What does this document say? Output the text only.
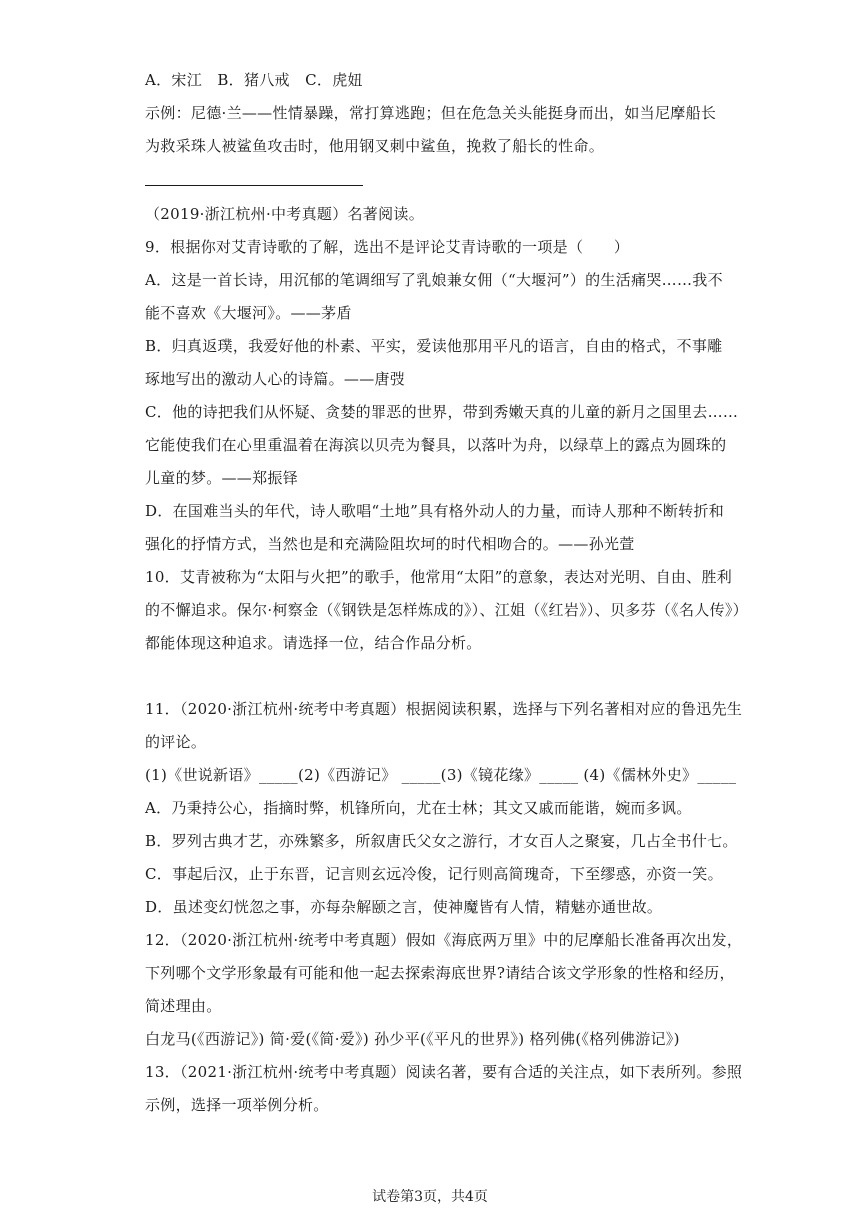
A．宋江　B．猪八戒　C．虎妞
示例：尼德·兰——性情暴躁，常打算逃跑；但在危急关头能挺身而出，如当尼摩船长
为救采珠人被鲨鱼攻击时，他用钢叉刺中鲨鱼，挽救了船长的性命。
（2019·浙江杭州·中考真题）名著阅读。
9．根据你对艾青诗歌的了解，选出不是评论艾青诗歌的一项是（　　）
A．这是一首长诗，用沉郁的笔调细写了乳娘兼女佣（“大堰河”）的生活痛哭……我不
能不喜欢《大堰河》。——茅盾
B．归真返璞，我爱好他的朴素、平实，爱读他那用平凡的语言，自由的格式，不事雕
琢地写出的激动人心的诗篇。——唐弢
C．他的诗把我们从怀疑、贪婪的罪恶的世界，带到秀嫩天真的儿童的新月之国里去……
它能使我们在心里重温着在海滨以贝壳为餐具，以落叶为舟，以绿草上的露点为圆珠的
儿童的梦。——郑振铎
D．在国难当头的年代，诗人歌唱“土地”具有格外动人的力量，而诗人那种不断转折和
强化的抒情方式，当然也是和充满险阻坎坷的时代相吻合的。——孙光萱
10．艾青被称为“太阳与火把”的歌手，他常用“太阳”的意象，表达对光明、自由、胜利
的不懈追求。保尔·柯察金（《钢铁是怎样炼成的》）、江姐（《红岩》）、贝多芬（《名人传》）
都能体现这种追求。请选择一位，结合作品分析。
11．（2020·浙江杭州·统考中考真题）根据阅读积累，选择与下列名著相对应的鲁迅先生
的评论。
(1)《世说新语》_____(2)《西游记》 _____(3)《镜花缘》_____ (4)《儒林外史》_____
A．乃秉持公心，指摘时弊，机锋所向，尤在士林；其文又戚而能谐，婉而多讽。
B．罗列古典才艺，亦殊繁多，所叙唐氏父女之游行，才女百人之聚宴，几占全书什七。
C．事起后汉，止于东晋，记言则玄远冷俊，记行则高简瑰奇，下至缪惑，亦资一笑。
D．虽述变幻恍忽之事，亦每杂解颐之言，使神魔皆有人情，精魅亦通世故。
12．（2020·浙江杭州·统考中考真题）假如《海底两万里》中的尼摩船长准备再次出发，
下列哪个文学形象最有可能和他一起去探索海底世界?请结合该文学形象的性格和经历，
简述理由。
白龙马(《西游记》) 简·爱(《简·爱》) 孙少平(《平凡的世界》) 格列佛(《格列佛游记》)
13．（2021·浙江杭州·统考中考真题）阅读名著，要有合适的关注点，如下表所列。参照
示例，选择一项举例分析。
试卷第3页，共4页
